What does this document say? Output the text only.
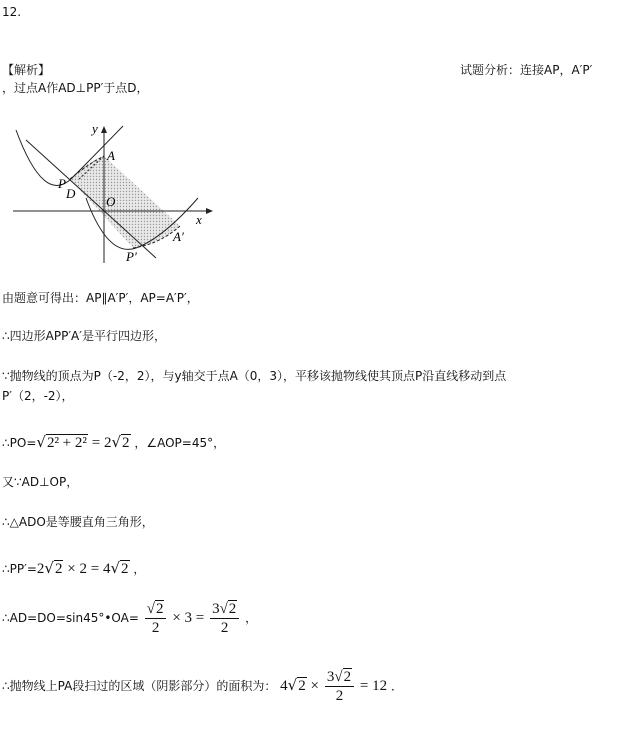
12.
【解析】	试题分析：连接AP，A′P′
，过点A作AD⊥PP′于点D，
y
x
A
P
D
O
A′
P′
由题意可得出：AP∥A′P′，AP=A′P′，
∴四边形APP′A′是平行四边形，
∵抛物线的顶点为P（-2，2），与y轴交于点A（0，3），平移该抛物线使其顶点P沿直线移动到点
P′（2，-2），
∴PO=√2² + 2² = 2√2 ，∠AOP=45°，
又∵AD⊥OP，
∴△ADO是等腰直角三角形，
∴PP′=2√2 × 2 = 4√2 ，
∴AD=DO=sin45°•OA= $\frac{√2}{2} \times 3 = \frac{3√2}{2}$ ，
∴抛物线上PA段扫过的区域（阴影部分）的面积为： $4√2 \times \frac{3√2}{2} = 12$ ．
